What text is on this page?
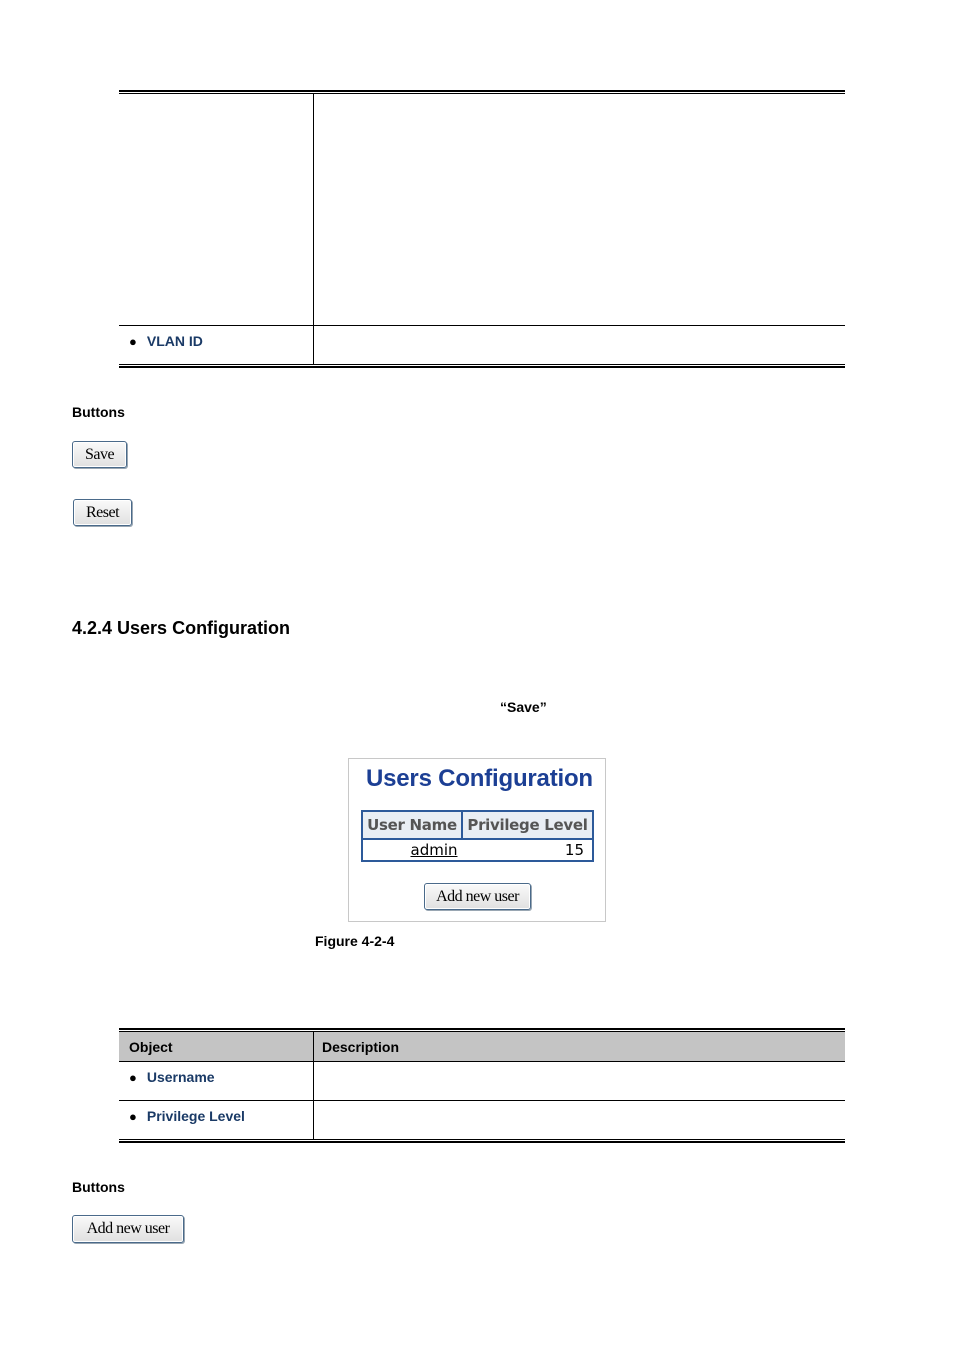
● VLAN ID
Buttons
Save
Reset
4.2.4 Users Configuration
“Save”
Users Configuration
User Name Privilege Level
admin	15
Add new user
Figure 4-2-4
Object	Description
● Username
● Privilege Level
Buttons
Add new user
